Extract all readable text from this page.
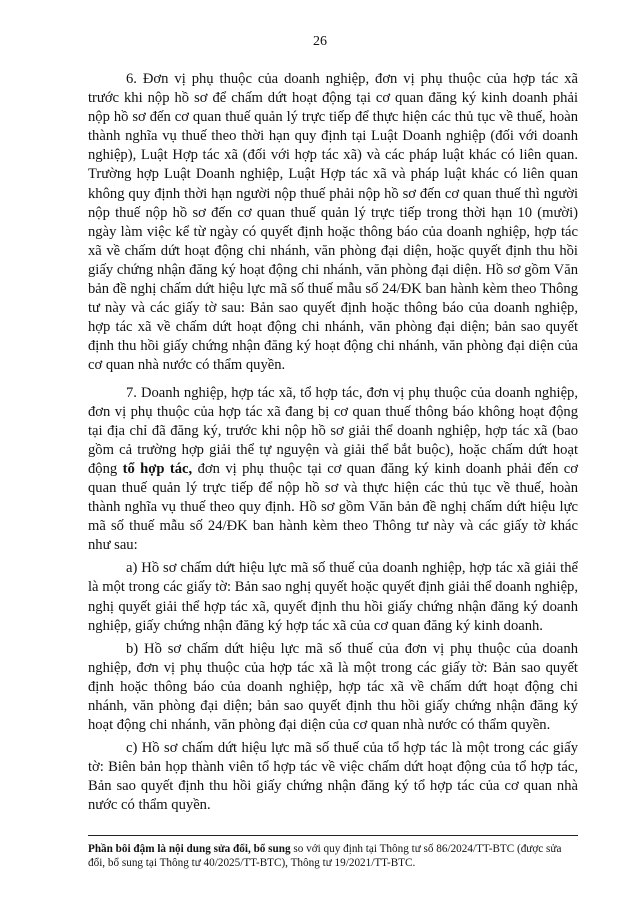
26

6. Đơn vị phụ thuộc của doanh nghiệp, đơn vị phụ thuộc của hợp tác xã trước khi nộp hồ sơ để chấm dứt hoạt động tại cơ quan đăng ký kinh doanh phải nộp hồ sơ đến cơ quan thuế quản lý trực tiếp để thực hiện các thủ tục về thuế, hoàn thành nghĩa vụ thuế theo thời hạn quy định tại Luật Doanh nghiệp (đối với doanh nghiệp), Luật Hợp tác xã (đối với hợp tác xã) và các pháp luật khác có liên quan. Trường hợp Luật Doanh nghiệp, Luật Hợp tác xã và pháp luật khác có liên quan không quy định thời hạn người nộp thuế phải nộp hồ sơ đến cơ quan thuế thì người nộp thuế nộp hồ sơ đến cơ quan thuế quản lý trực tiếp trong thời hạn 10 (mười) ngày làm việc kể từ ngày có quyết định hoặc thông báo của doanh nghiệp, hợp tác xã về chấm dứt hoạt động chi nhánh, văn phòng đại diện, hoặc quyết định thu hồi giấy chứng nhận đăng ký hoạt động chi nhánh, văn phòng đại diện. Hồ sơ gồm Văn bản đề nghị chấm dứt hiệu lực mã số thuế mẫu số 24/ĐK ban hành kèm theo Thông tư này và các giấy tờ sau: Bản sao quyết định hoặc thông báo của doanh nghiệp, hợp tác xã về chấm dứt hoạt động chi nhánh, văn phòng đại diện; bản sao quyết định thu hồi giấy chứng nhận đăng ký hoạt động chi nhánh, văn phòng đại diện của cơ quan nhà nước có thẩm quyền.

7. Doanh nghiệp, hợp tác xã, tổ hợp tác, đơn vị phụ thuộc của doanh nghiệp, đơn vị phụ thuộc của hợp tác xã đang bị cơ quan thuế thông báo không hoạt động tại địa chỉ đã đăng ký, trước khi nộp hồ sơ giải thể doanh nghiệp, hợp tác xã (bao gồm cả trường hợp giải thể tự nguyện và giải thể bắt buộc), hoặc chấm dứt hoạt động tổ hợp tác, đơn vị phụ thuộc tại cơ quan đăng ký kinh doanh phải đến cơ quan thuế quản lý trực tiếp để nộp hồ sơ và thực hiện các thủ tục về thuế, hoàn thành nghĩa vụ thuế theo quy định. Hồ sơ gồm Văn bản đề nghị chấm dứt hiệu lực mã số thuế mẫu số 24/ĐK ban hành kèm theo Thông tư này và các giấy tờ khác như sau:

a) Hồ sơ chấm dứt hiệu lực mã số thuế của doanh nghiệp, hợp tác xã giải thể là một trong các giấy tờ: Bản sao nghị quyết hoặc quyết định giải thể doanh nghiệp, nghị quyết giải thể hợp tác xã, quyết định thu hồi giấy chứng nhận đăng ký doanh nghiệp, giấy chứng nhận đăng ký hợp tác xã của cơ quan đăng ký kinh doanh.

b) Hồ sơ chấm dứt hiệu lực mã số thuế của đơn vị phụ thuộc của doanh nghiệp, đơn vị phụ thuộc của hợp tác xã là một trong các giấy tờ: Bản sao quyết định hoặc thông báo của doanh nghiệp, hợp tác xã về chấm dứt hoạt động chi nhánh, văn phòng đại diện; bản sao quyết định thu hồi giấy chứng nhận đăng ký hoạt động chi nhánh, văn phòng đại diện của cơ quan nhà nước có thẩm quyền.

c) Hồ sơ chấm dứt hiệu lực mã số thuế của tổ hợp tác là một trong các giấy tờ: Biên bản họp thành viên tổ hợp tác về việc chấm dứt hoạt động của tổ hợp tác, Bản sao quyết định thu hồi giấy chứng nhận đăng ký tổ hợp tác của cơ quan nhà nước có thẩm quyền.

Phần bôi đậm là nội dung sửa đổi, bổ sung so với quy định tại Thông tư số 86/2024/TT-BTC (được sửa đổi, bổ sung tại Thông tư 40/2025/TT-BTC), Thông tư 19/2021/TT-BTC.
